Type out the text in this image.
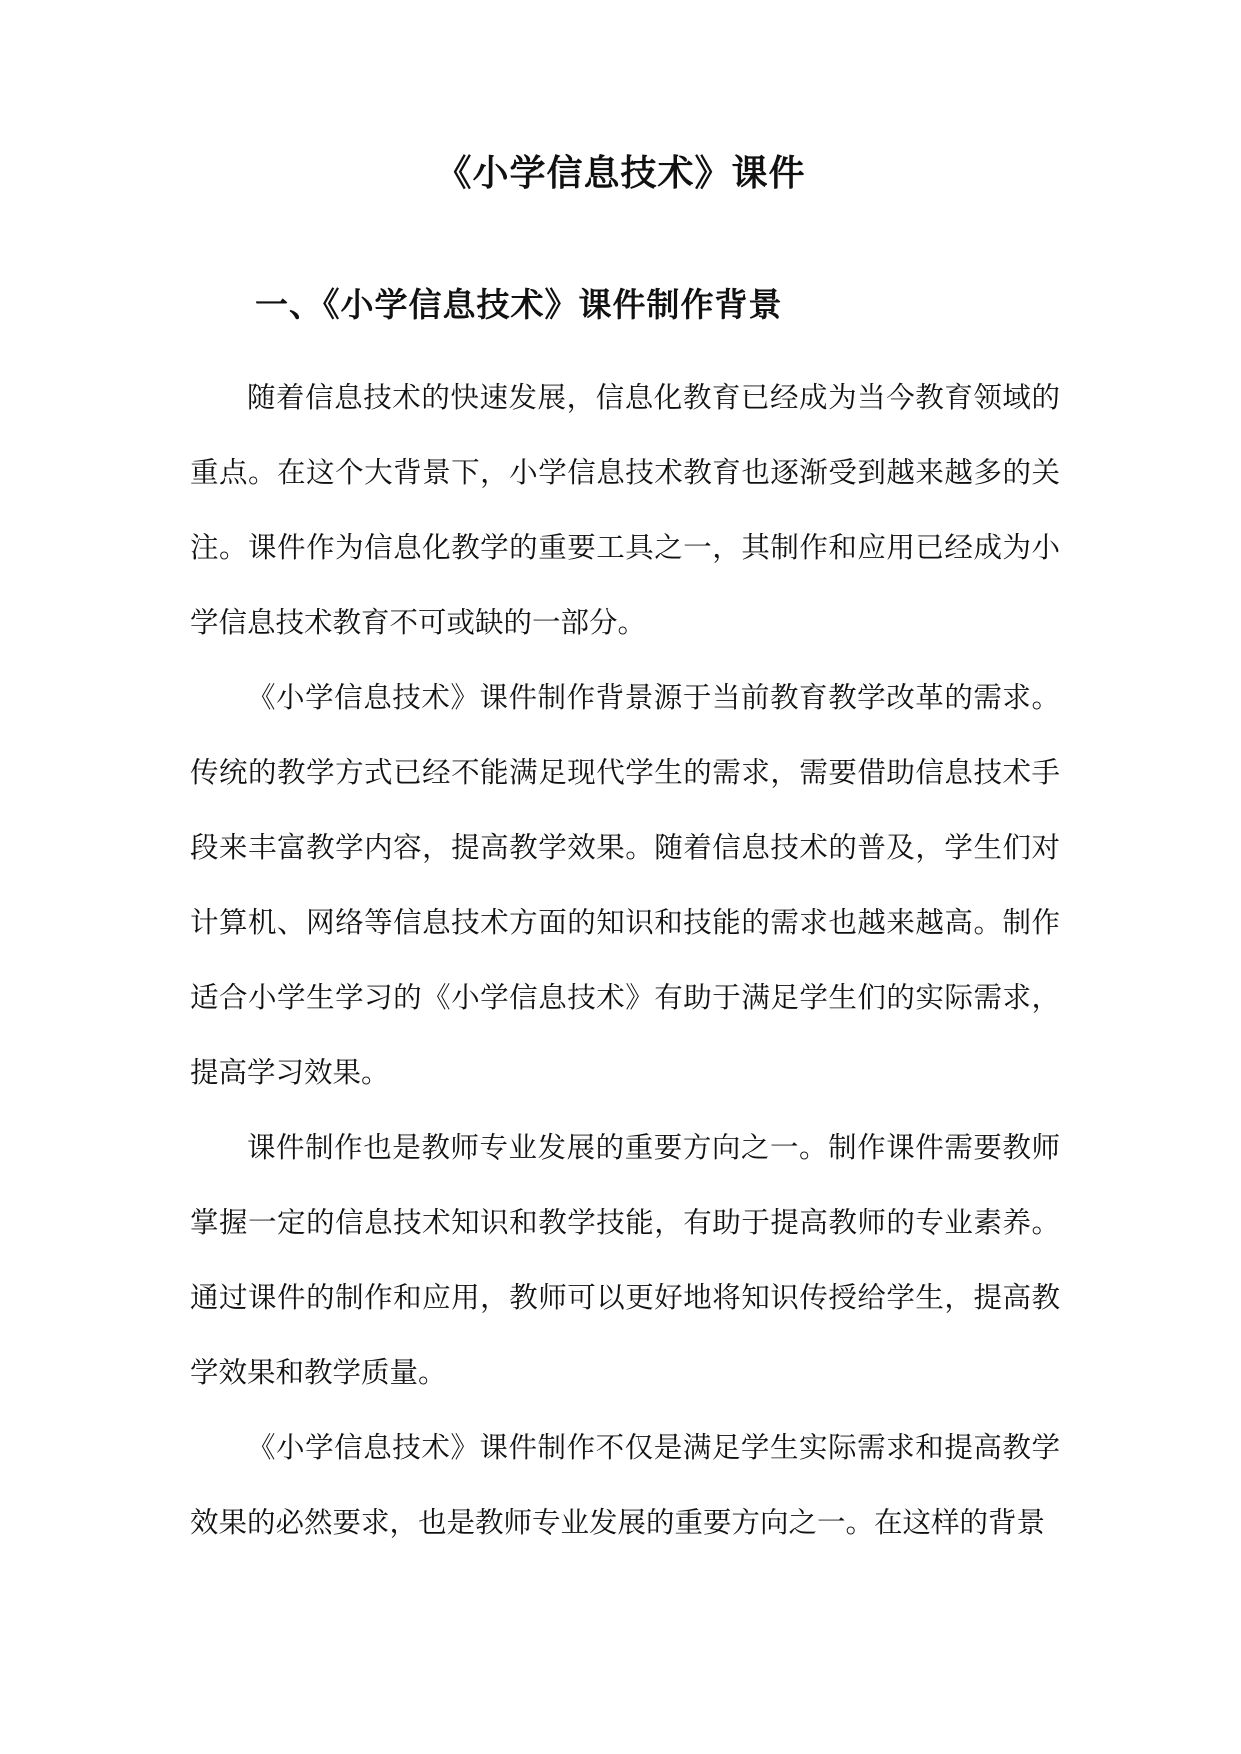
《小学信息技术》课件
一、《小学信息技术》课件制作背景

随着信息技术的快速发展，信息化教育已经成为当今教育领域的重点。在这个大背景下，小学信息技术教育也逐渐受到越来越多的关注。课件作为信息化教学的重要工具之一，其制作和应用已经成为小学信息技术教育不可或缺的一部分。

《小学信息技术》课件制作背景源于当前教育教学改革的需求。传统的教学方式已经不能满足现代学生的需求，需要借助信息技术手段来丰富教学内容，提高教学效果。随着信息技术的普及，学生们对计算机、网络等信息技术方面的知识和技能的需求也越来越高。制作适合小学生学习的《小学信息技术》有助于满足学生们的实际需求，提高学习效果。

课件制作也是教师专业发展的重要方向之一。制作课件需要教师掌握一定的信息技术知识和教学技能，有助于提高教师的专业素养。通过课件的制作和应用，教师可以更好地将知识传授给学生，提高教学效果和教学质量。

《小学信息技术》课件制作不仅是满足学生实际需求和提高教学效果的必然要求，也是教师专业发展的重要方向之一。在这样的背景
